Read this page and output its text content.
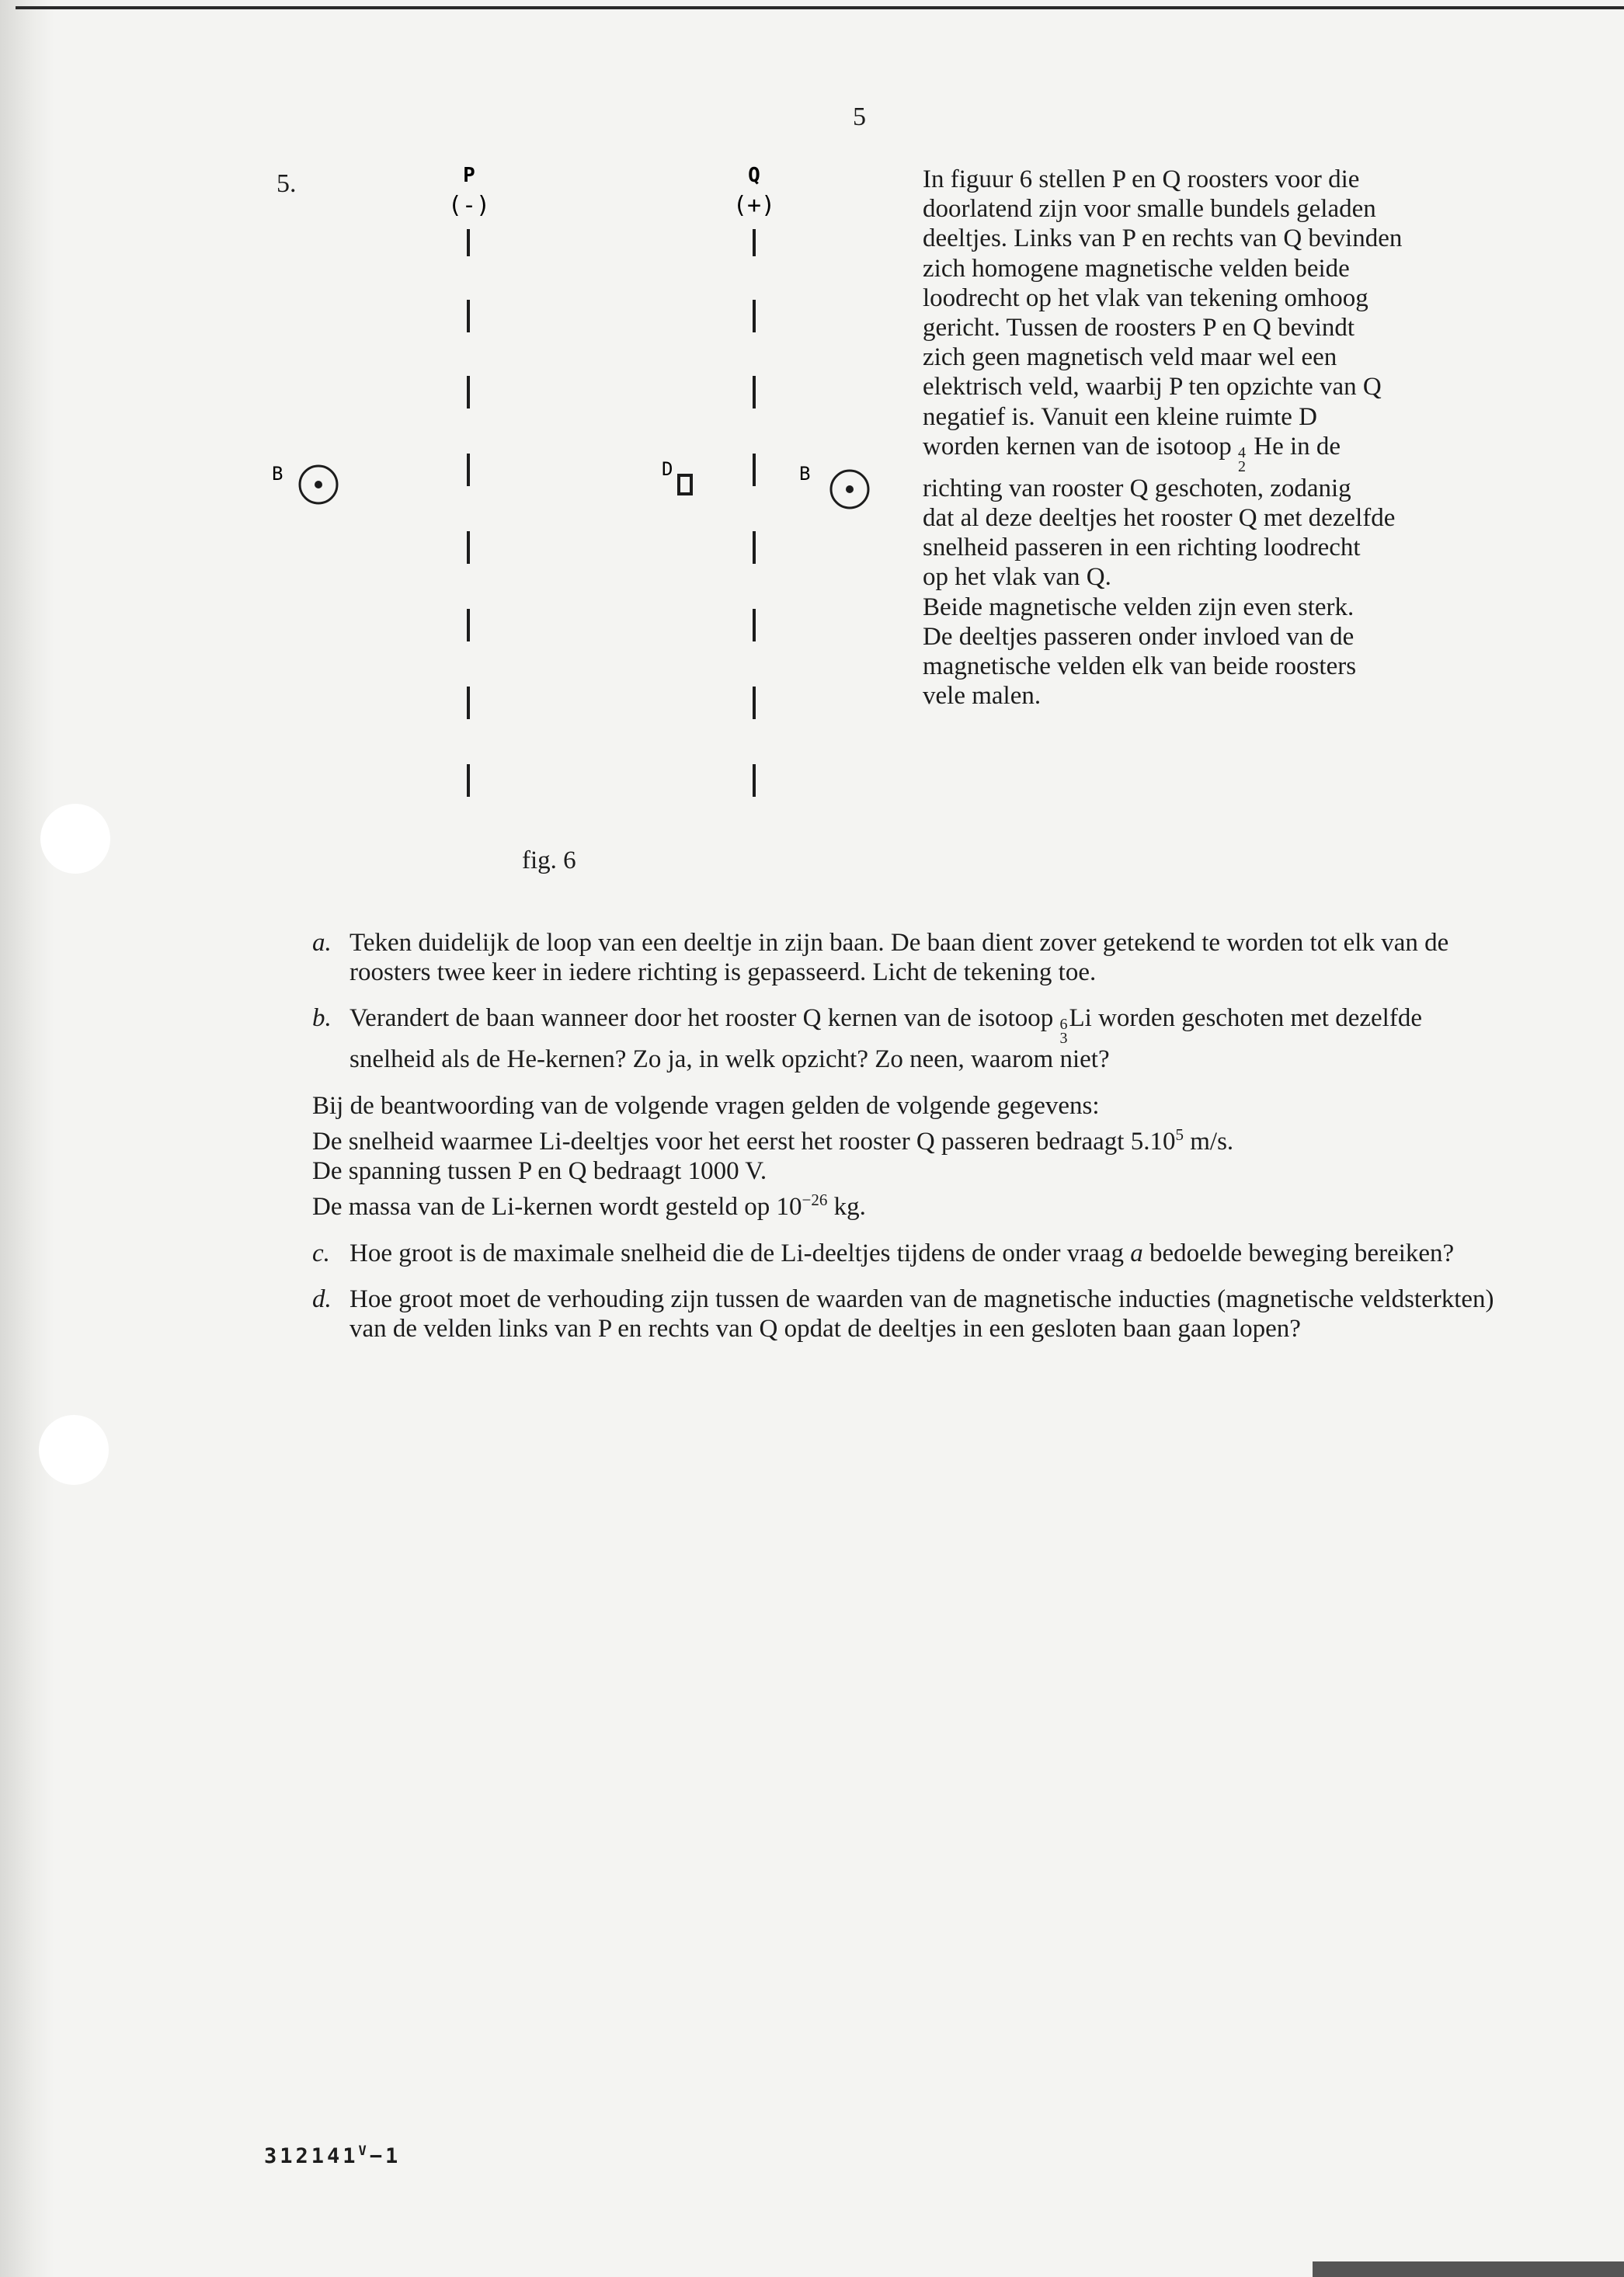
5
5.	P
(-)
Q
(+)
B	D	B
fig. 6

In figuur 6 stellen P en Q roosters voor die

doorlatend zijn voor smalle bundels geladen

deeltjes. Links van P en rechts van Q bevinden

zich homogene magnetische velden beide

loodrecht op het vlak van tekening omhoog

gericht. Tussen de roosters P en Q bevindt

zich geen magnetisch veld maar wel een

elektrisch veld, waarbij P ten opzichte van Q

negatief is. Vanuit een kleine ruimte D

worden kernen van de isotoop 4
2
He in de

richting van rooster Q geschoten, zodanig

dat al deze deeltjes het rooster Q met dezelfde

snelheid passeren in een richting loodrecht

op het vlak van Q.

Beide magnetische velden zijn even sterk.

De deeltjes passeren onder invloed van de

magnetische velden elk van beide roosters

vele malen.

a. Teken duidelijk de loop van een deeltje in zijn baan. De baan dient zover getekend te worden tot elk van de roosters twee keer in iedere richting is gepasseerd. Licht de tekening toe.
b. Verandert de baan wanneer door het rooster Q kernen van de isotoop 6
3
Li worden geschoten met dezelfde snelheid als de He-kernen? Zo ja, in welk opzicht? Zo neen, waarom niet?

Bij de beantwoording van de volgende vragen gelden de volgende gegevens:

De snelheid waarmee Li-deeltjes voor het eerst het rooster Q passeren bedraagt 5.10$^5$ m/s.

De spanning tussen P en Q bedraagt 1000 V.

De massa van de Li-kernen wordt gesteld op $10^{-26}$ kg.

c. Hoe groot is de maximale snelheid die de Li-deeltjes tijdens de onder vraag a bedoelde beweging bereiken?
d. Hoe groot moet de verhouding zijn tussen de waarden van de magnetische inducties (magnetische veldsterkten) van de velden links van P en rechts van Q opdat de deeltjes in een gesloten baan gaan lopen?
$312141^V-1$
